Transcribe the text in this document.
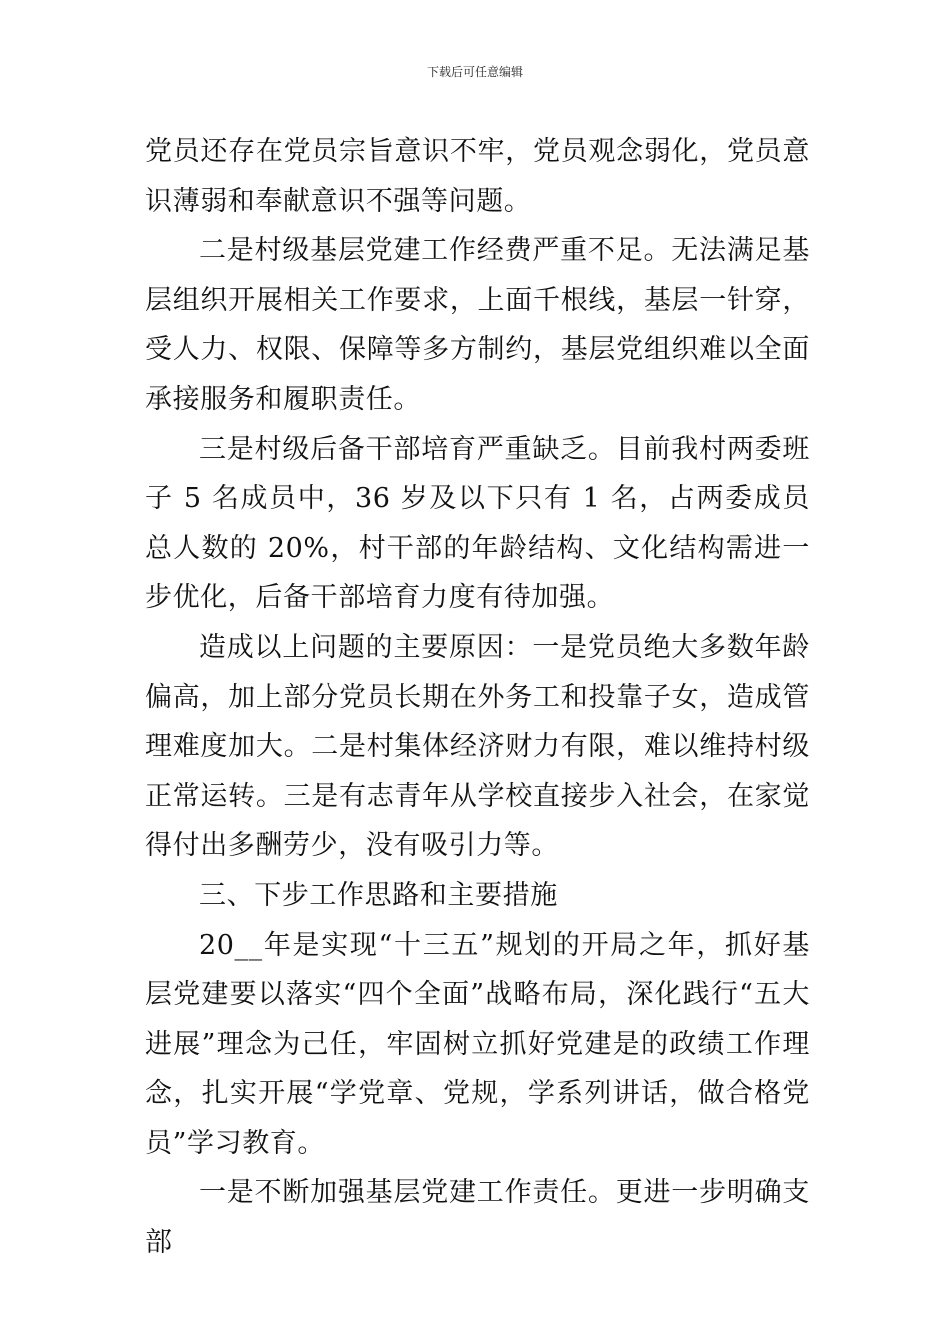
下载后可任意编辑

党员还存在党员宗旨意识不牢，党员观念弱化，党员意识薄弱和奉献意识不强等问题。

二是村级基层党建工作经费严重不足。无法满足基层组织开展相关工作要求，上面千根线，基层一针穿，受人力、权限、保障等多方制约，基层党组织难以全面承接服务和履职责任。

三是村级后备干部培育严重缺乏。目前我村两委班子 5 名成员中，36 岁及以下只有 1 名，占两委成员总人数的 20%，村干部的年龄结构、文化结构需进一步优化，后备干部培育力度有待加强。

造成以上问题的主要原因：一是党员绝大多数年龄偏高，加上部分党员长期在外务工和投靠子女，造成管理难度加大。二是村集体经济财力有限，难以维持村级正常运转。三是有志青年从学校直接步入社会，在家觉得付出多酬劳少，没有吸引力等。

三、下步工作思路和主要措施

20__年是实现“十三五”规划的开局之年，抓好基层党建要以落实“四个全面”战略布局，深化践行“五大进展”理念为己任，牢固树立抓好党建是的政绩工作理念，扎实开展“学党章、党规，学系列讲话，做合格党员”学习教育。

一是不断加强基层党建工作责任。更进一步明确支部
